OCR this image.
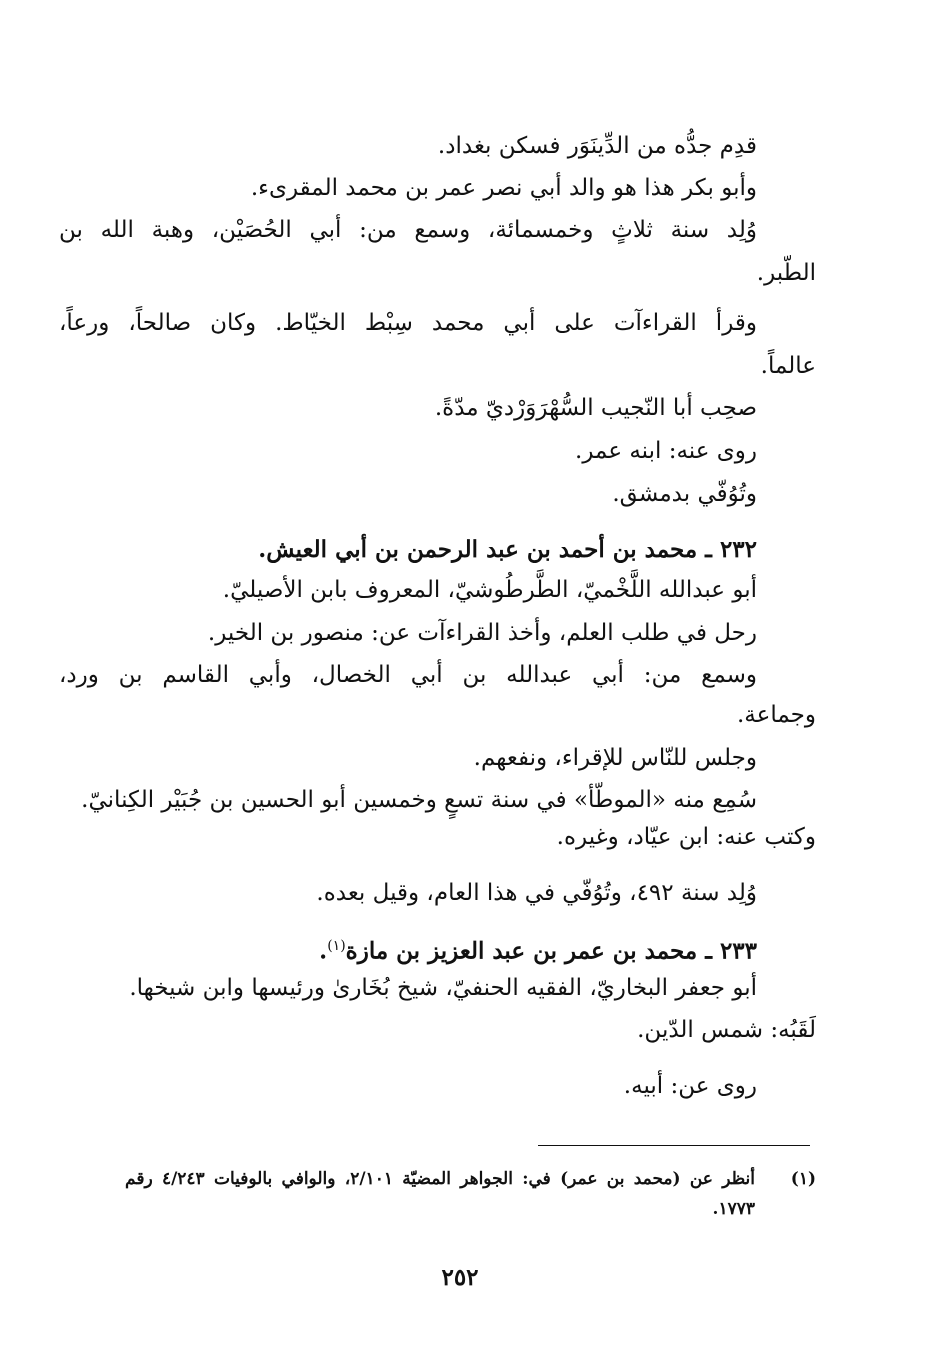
قدِم جدُّه من الدِّينَوَر فسكن بغداد.
وأبو بكر هذا هو والد أبي نصر عمر بن محمد المقرىء.
وُلِد سنة ثلاثٍ وخمسمائة، وسمع من: أبي الحُصَيْن، وهبة الله بن
الطّبر.
وقرأ القراءآت على أبي محمد سِبْط الخيّاط. وكان صالحاً، ورعاً،
عالماً.
صحِب أبا النّجيب السُّهْرَوَرْديّ مدّةً.
روى عنه: ابنه عمر.
وتُوُفّي بدمشق.
٢٣٢ ـ محمد بن أحمد بن عبد الرحمن بن أبي العيش.
أبو عبدالله اللَّخْميّ، الطَّرطُوشيّ، المعروف بابن الأصيليّ.
رحل في طلب العلم، وأخذ القراءآت عن: منصور بن الخير.
وسمع من: أبي عبدالله بن أبي الخصال، وأبي القاسم بن ورد،
وجماعة.
وجلس للنّاس للإقراء، ونفعهم.
سُمِع منه «الموطّأ» في سنة تسعٍ وخمسين أبو الحسين بن جُبَيْر الكِنانيّ.
وكتب عنه: ابن عيّاد، وغيره.
وُلِد سنة ٤٩٢، وتُوُفّي في هذا العام، وقيل بعده.
٢٣٣ ـ محمد بن عمر بن عبد العزيز بن مازة$^{(١)}$.
أبو جعفر البخاريّ، الفقيه الحنفيّ، شيخ بُخَارىٰ ورئيسها وابن شيخها.
لَقَبُه: شمس الدّين.
روى عن: أبيه.
(١)
أنظر عن (محمد بن عمر) في: الجواهر المضيّة ٢/١٠١، والوافي بالوفيات ٤/٢٤٣ رقم
١٧٧٣.
٢٥٢
